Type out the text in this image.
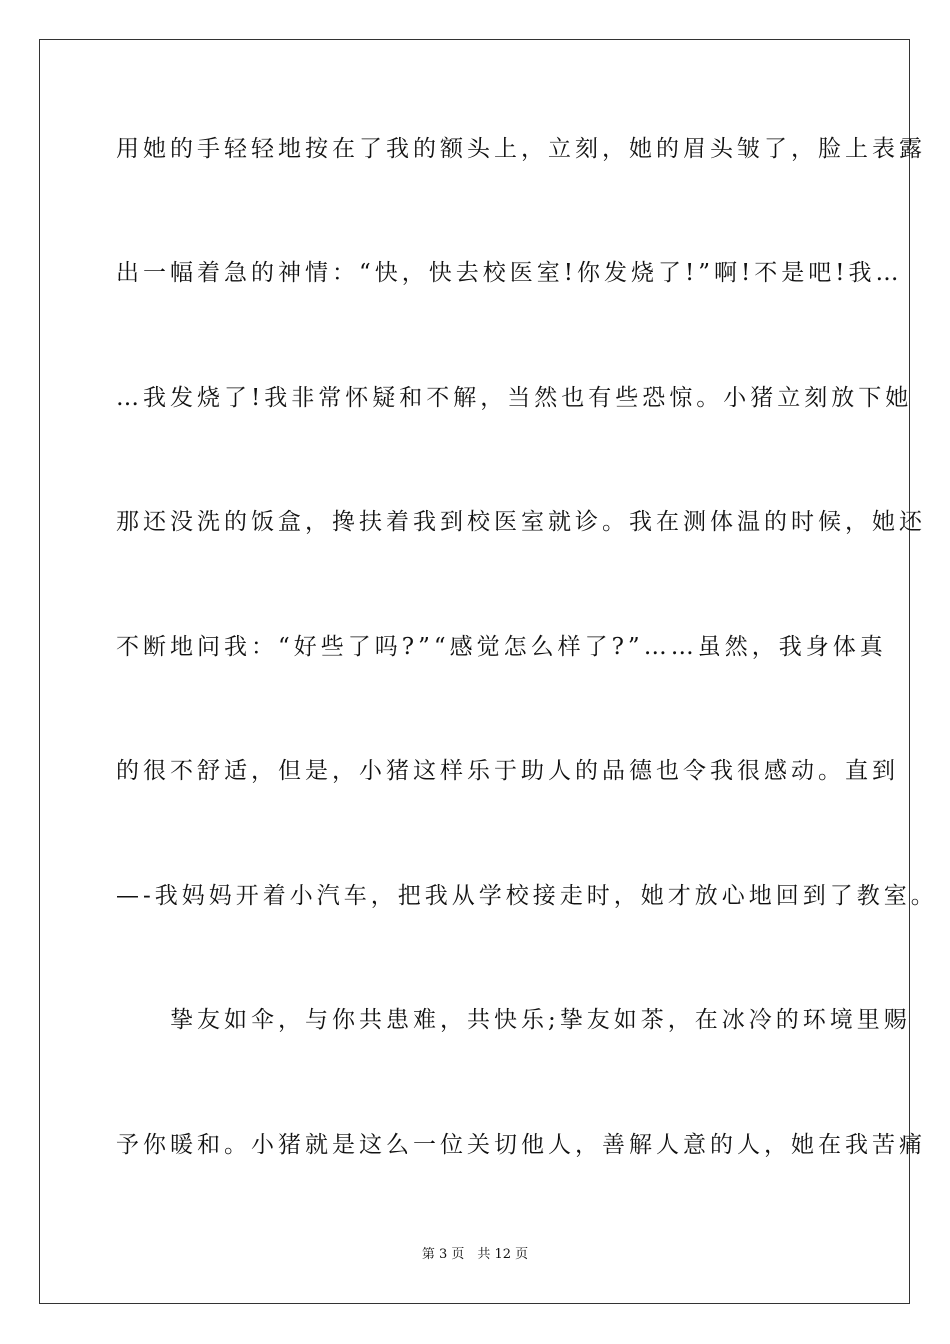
用她的手轻轻地按在了我的额头上，立刻，她的眉头皱了，脸上表露
出一幅着急的神情：“快，快去校医室!你发烧了!”啊!不是吧!我…
…我发烧了!我非常怀疑和不解，当然也有些恐惊。小猪立刻放下她
那还没洗的饭盒，搀扶着我到校医室就诊。我在测体温的时候，她还
不断地问我：“好些了吗?”“感觉怎么样了?”……虽然，我身体真
的很不舒适，但是，小猪这样乐于助人的品德也令我很感动。直到
—-我妈妈开着小汽车，把我从学校接走时，她才放心地回到了教室。
　　挚友如伞，与你共患难，共快乐;挚友如茶，在冰冷的环境里赐
予你暖和。小猪就是这么一位关切他人，善解人意的人，她在我苦痛
第 3 页　共 12 页
